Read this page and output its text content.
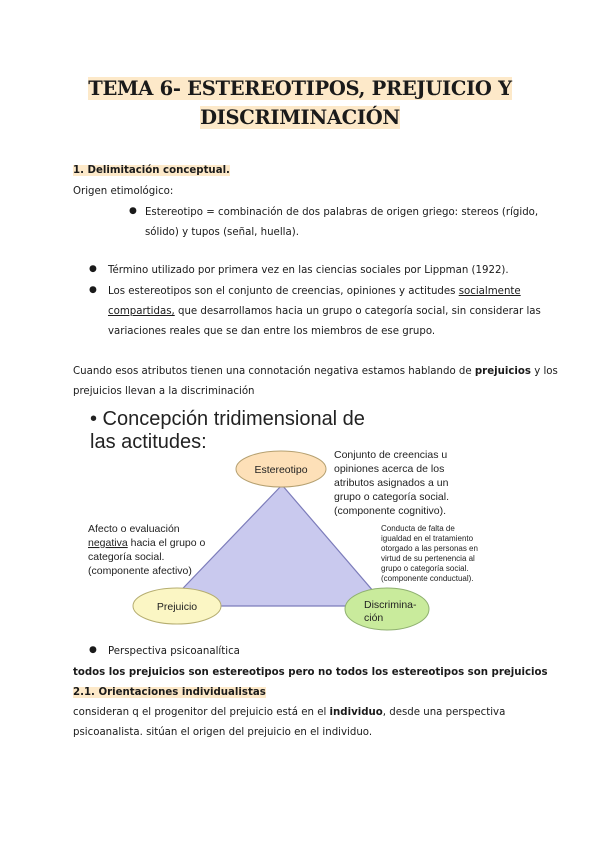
TEMA 6- ESTEREOTIPOS, PREJUICIO Y
DISCRIMINACIÓN
1. Delimitación conceptual.
Origen etimológico:
● Estereotipo = combinación de dos palabras de origen griego: stereos (rígido,
sólido) y tupos (señal, huella).
● Término utilizado por primera vez en las ciencias sociales por Lippman (1922).
● Los estereotipos son el conjunto de creencias, opiniones y actitudes socialmente
compartidas, que desarrollamos hacia un grupo o categoría social, sin considerar las
variaciones reales que se dan entre los miembros de ese grupo.
Cuando esos atributos tienen una connotación negativa estamos hablando de prejuicios y los
prejuicios llevan a la discriminación
• Concepción tridimensional de
las actitudes:
Estereotipo
Prejuicio	Discrimina-
ción
Conjunto de creencias u
opiniones acerca de los
atributos asignados a un
grupo o categoría social.
(componente cognitivo).
Afecto o evaluación
negativa hacia el grupo o
categoría social.
(componente afectivo)
Conducta de falta de
igualdad en el tratamiento
otorgado a las personas en
virtud de su pertenencia al
grupo o categoría social.
(componente conductual).
● Perspectiva psicoanalítica
todos los prejuicios son estereotipos pero no todos los estereotipos son prejuicios
2.1. Orientaciones individualistas
consideran q el progenitor del prejuicio está en el individuo, desde una perspectiva
psicoanalista. sitúan el origen del prejuicio en el individuo.
